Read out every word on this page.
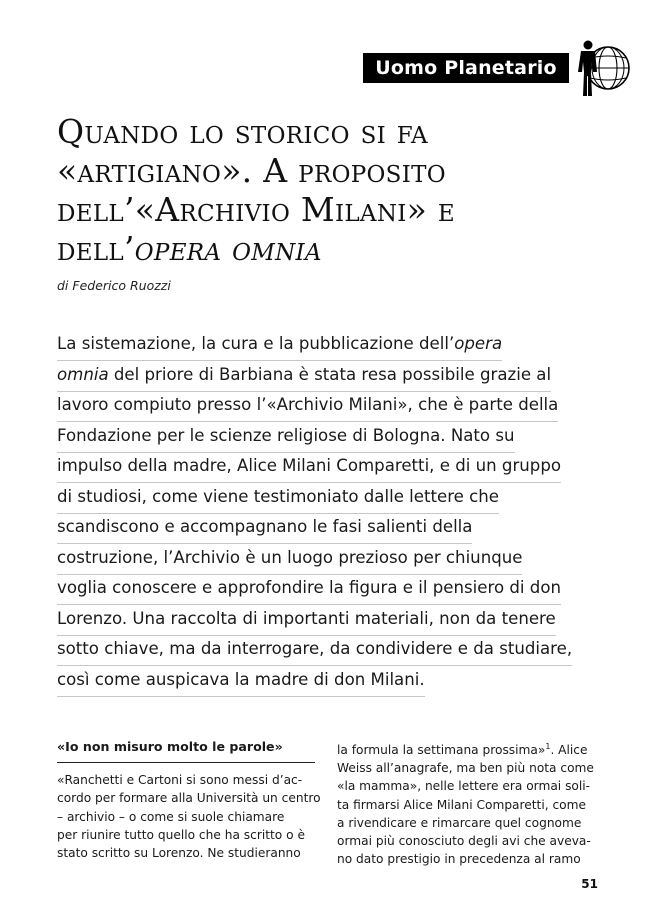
Uomo Planetario
Quando lo storico si fa
«artigiano». A proposito
dell’«Archivio Milani» e
dell’opera omnia
di Federico Ruozzi
La sistemazione, la cura e la pubblicazione dell’opera
omnia del priore di Barbiana è stata resa possibile grazie al
lavoro compiuto presso l’«Archivio Milani», che è parte della
Fondazione per le scienze religiose di Bologna. Nato su
impulso della madre, Alice Milani Comparetti, e di un gruppo
di studiosi, come viene testimoniato dalle lettere che
scandiscono e accompagnano le fasi salienti della
costruzione, l’Archivio è un luogo prezioso per chiunque
voglia conoscere e approfondire la figura e il pensiero di don
Lorenzo. Una raccolta di importanti materiali, non da tenere
sotto chiave, ma da interrogare, da condividere e da studiare,
così come auspicava la madre di don Milani.
«Io non misuro molto le parole»
«Ranchetti e Cartoni si sono messi d’ac-
cordo per formare alla Università un centro
– archivio – o come si suole chiamare
per riunire tutto quello che ha scritto o è
stato scritto su Lorenzo. Ne studieranno
la formula la settimana prossima»$^1$. Alice
Weiss all’anagrafe, ma ben più nota come
«la mamma», nelle lettere era ormai soli-
ta firmarsi Alice Milani Comparetti, come
a rivendicare e rimarcare quel cognome
ormai più conosciuto degli avi che aveva-
no dato prestigio in precedenza al ramo
51
